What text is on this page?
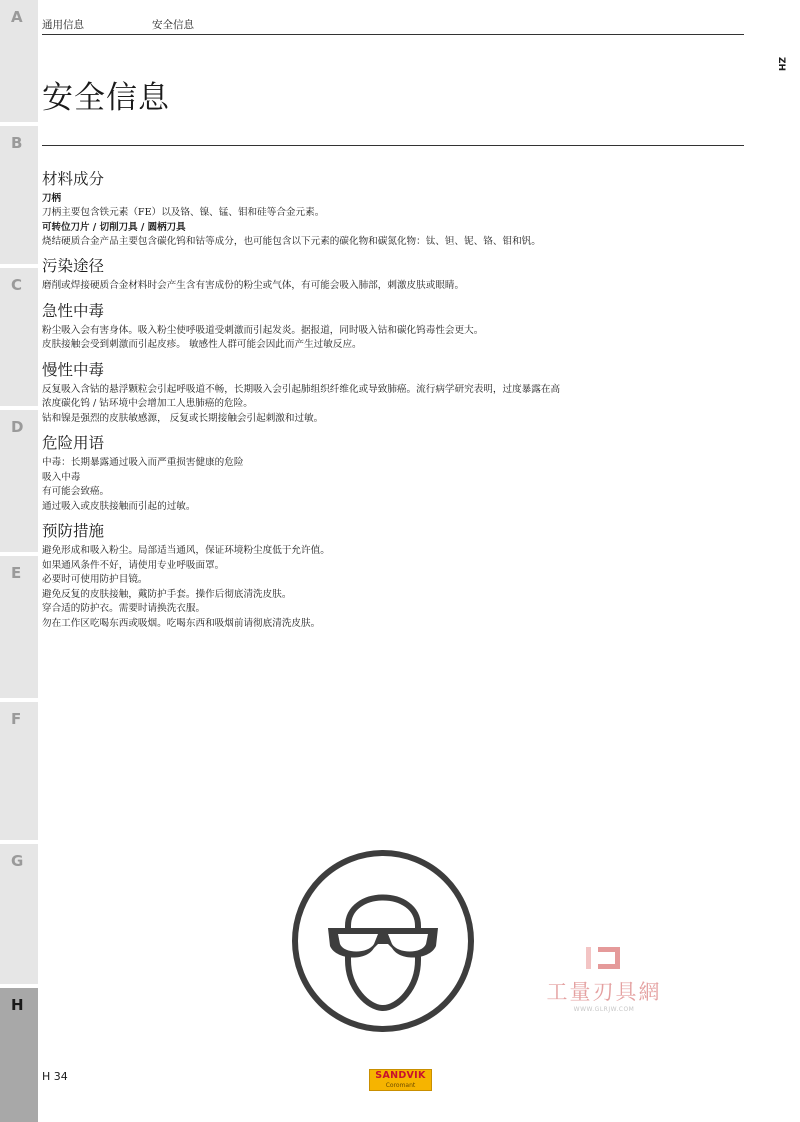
A
B
C
D
E
F
G
H
通用信息	安全信息
ZH
安全信息
材料成分
刀柄

刀柄主要包含铁元素（FE）以及铬、镍、锰、钼和硅等合金元素。

可转位刀片 / 切削刀具 / 圆柄刀具

烧结硬质合金产品主要包含碳化钨和钴等成分，也可能包含以下元素的碳化物和碳氮化物：钛、钽、铌、铬、钼和钒。

污染途径

磨削或焊接硬质合金材料时会产生含有害成份的粉尘或气体，有可能会吸入肺部，刺激皮肤或眼睛。

急性中毒

粉尘吸入会有害身体。吸入粉尘使呼吸道受刺激而引起发炎。据报道，同时吸入钴和碳化钨毒性会更大。

皮肤接触会受到刺激而引起皮疹。 敏感性人群可能会因此而产生过敏反应。

慢性中毒

反复吸入含钴的悬浮颗粒会引起呼吸道不畅，长期吸入会引起肺组织纤维化或导致肺癌。流行病学研究表明，过度暴露在高

浓度碳化钨 / 钴环境中会增加工人患肺癌的危险。

钴和镍是强烈的皮肤敏感源， 反复或长期接触会引起刺激和过敏。

危险用语

中毒：长期暴露通过吸入而严重损害健康的危险

吸入中毒

有可能会致癌。

通过吸入或皮肤接触而引起的过敏。

预防措施

避免形成和吸入粉尘。局部适当通风，保证环境粉尘度低于允许值。

如果通风条件不好，请使用专业呼吸面罩。

必要时可使用防护目镜。

避免反复的皮肤接触，戴防护手套。操作后彻底清洗皮肤。

穿合适的防护衣。需要时请换洗衣服。

勿在工作区吃喝东西或吸烟。吃喝东西和吸烟前请彻底清洗皮肤。

工量刃具網
WWW.GLRJW.COM
H 34	SANDVIK
Coromant
